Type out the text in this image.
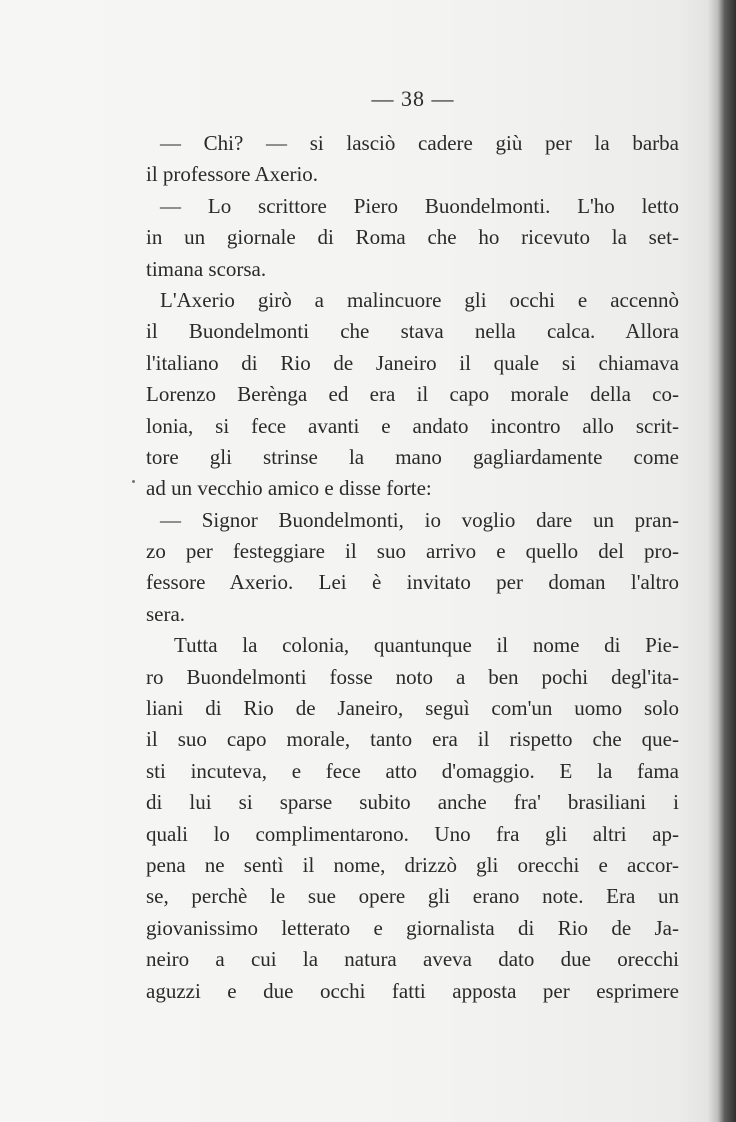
— 38 —
— Chi? — si lasciò cadere giù per la barba
il professore Axerio.
— Lo scrittore Piero Buondelmonti. L'ho letto
in un giornale di Roma che ho ricevuto la set-
timana scorsa.
L'Axerio girò a malincuore gli occhi e accennò
il Buondelmonti che stava nella calca. Allora
l'italiano di Rio de Janeiro il quale si chiamava
Lorenzo Berènga ed era il capo morale della co-
lonia, si fece avanti e andato incontro allo scrit-
tore gli strinse la mano gagliardamente come
ad un vecchio amico e disse forte:
— Signor Buondelmonti, io voglio dare un pran-
zo per festeggiare il suo arrivo e quello del pro-
fessore Axerio. Lei è invitato per doman l'altro
sera.
Tutta la colonia, quantunque il nome di Pie-
ro Buondelmonti fosse noto a ben pochi degl'ita-
liani di Rio de Janeiro, seguì com'un uomo solo
il suo capo morale, tanto era il rispetto che que-
sti incuteva, e fece atto d'omaggio. E la fama
di lui si sparse subito anche fra' brasiliani i
quali lo complimentarono. Uno fra gli altri ap-
pena ne sentì il nome, drizzò gli orecchi e accor-
se, perchè le sue opere gli erano note. Era un
giovanissimo letterato e giornalista di Rio de Ja-
neiro a cui la natura aveva dato due orecchi
aguzzi e due occhi fatti apposta per esprimere
